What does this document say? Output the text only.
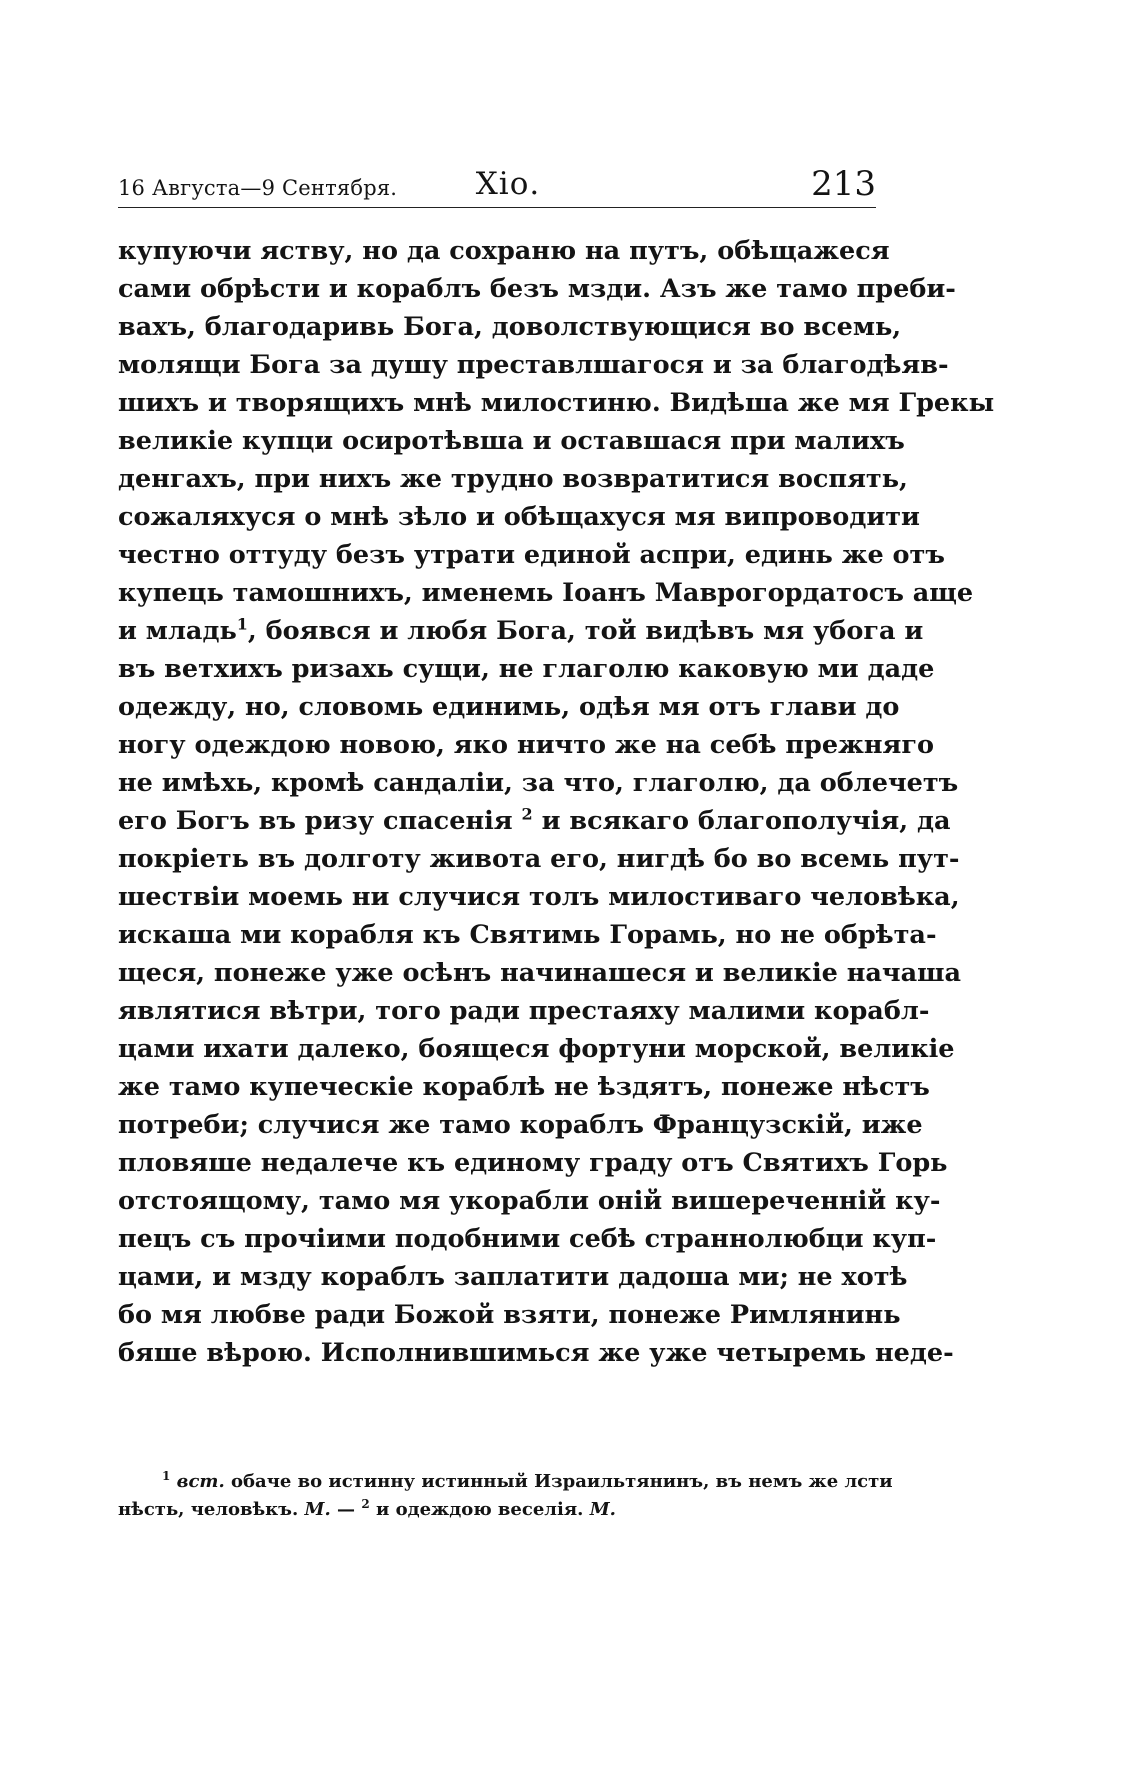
16 Августа—9 Сентября.	Хіо.	213
купуючи яству, но да сохраню на путъ, обѣщажеся
сами обрѣсти и кораблъ безъ мзди. Азъ же тамо преби-
вахъ, благодаривь Бога, доволствующися во всемь,
молящи Бога за душу преставлшагося и за благодѣяв-
шихъ и творящихъ мнѣ милостиню. Видѣша же мя Грекы
великіе купци осиротѣвша и оставшася при малихъ
денгахъ, при нихъ же трудно возвратитися воспять,
сожаляхуся о мнѣ зѣло и обѣщахуся мя випроводити
честно оттуду безъ утрати единой аспри, единь же отъ
купець тамошнихъ, именемь Іоанъ Маврогордатосъ аще
и младь$^1$, боявся и любя Бога, той видѣвъ мя убога и
въ ветхихъ ризахь сущи, не глаголю каковую ми даде
одежду, но, словомь единимь, одѣя мя отъ глави до
ногу одеждою новою, яко ничто же на себѣ прежняго
не имѣхь, кромѣ сандаліи, за что, глаголю, да облечетъ
его Богъ въ ризу спасенія $^2$ и всякаго благополучія, да
покріеть въ долготу живота его, нигдѣ бо во всемь пут-
шествіи моемь ни случися толъ милостиваго человѣка,
искаша ми корабля къ Святимь Горамь, но не обрѣта-
щеся, понеже уже осѣнъ начинашеся и великіе начаша
являтися вѣтри, того ради престаяху малими корабл-
цами ихати далеко, боящеся фортуни морской, великіе
же тамо купеческіе кораблѣ не ѣздятъ, понеже нѣстъ
потреби; случися же тамо кораблъ Французскій, иже
пловяше недалече къ единому граду отъ Святихъ Горь
отстоящому, тамо мя укорабли оній вишереченній ку-
пецъ съ прочіими подобними себѣ страннолюбци куп-
цами, и мзду кораблъ заплатити дадоша ми; не хотѣ
бо мя любве ради Божой взяти, понеже Римлянинь
бяше вѣрою. Исполнившимься же уже четыремь неде-
$^1$ вст. обаче во истинну истинный Израильтянинъ, въ немъ же лсти
нѣсть, человѣкъ. М. — $^2$ и одеждою веселія. М.
